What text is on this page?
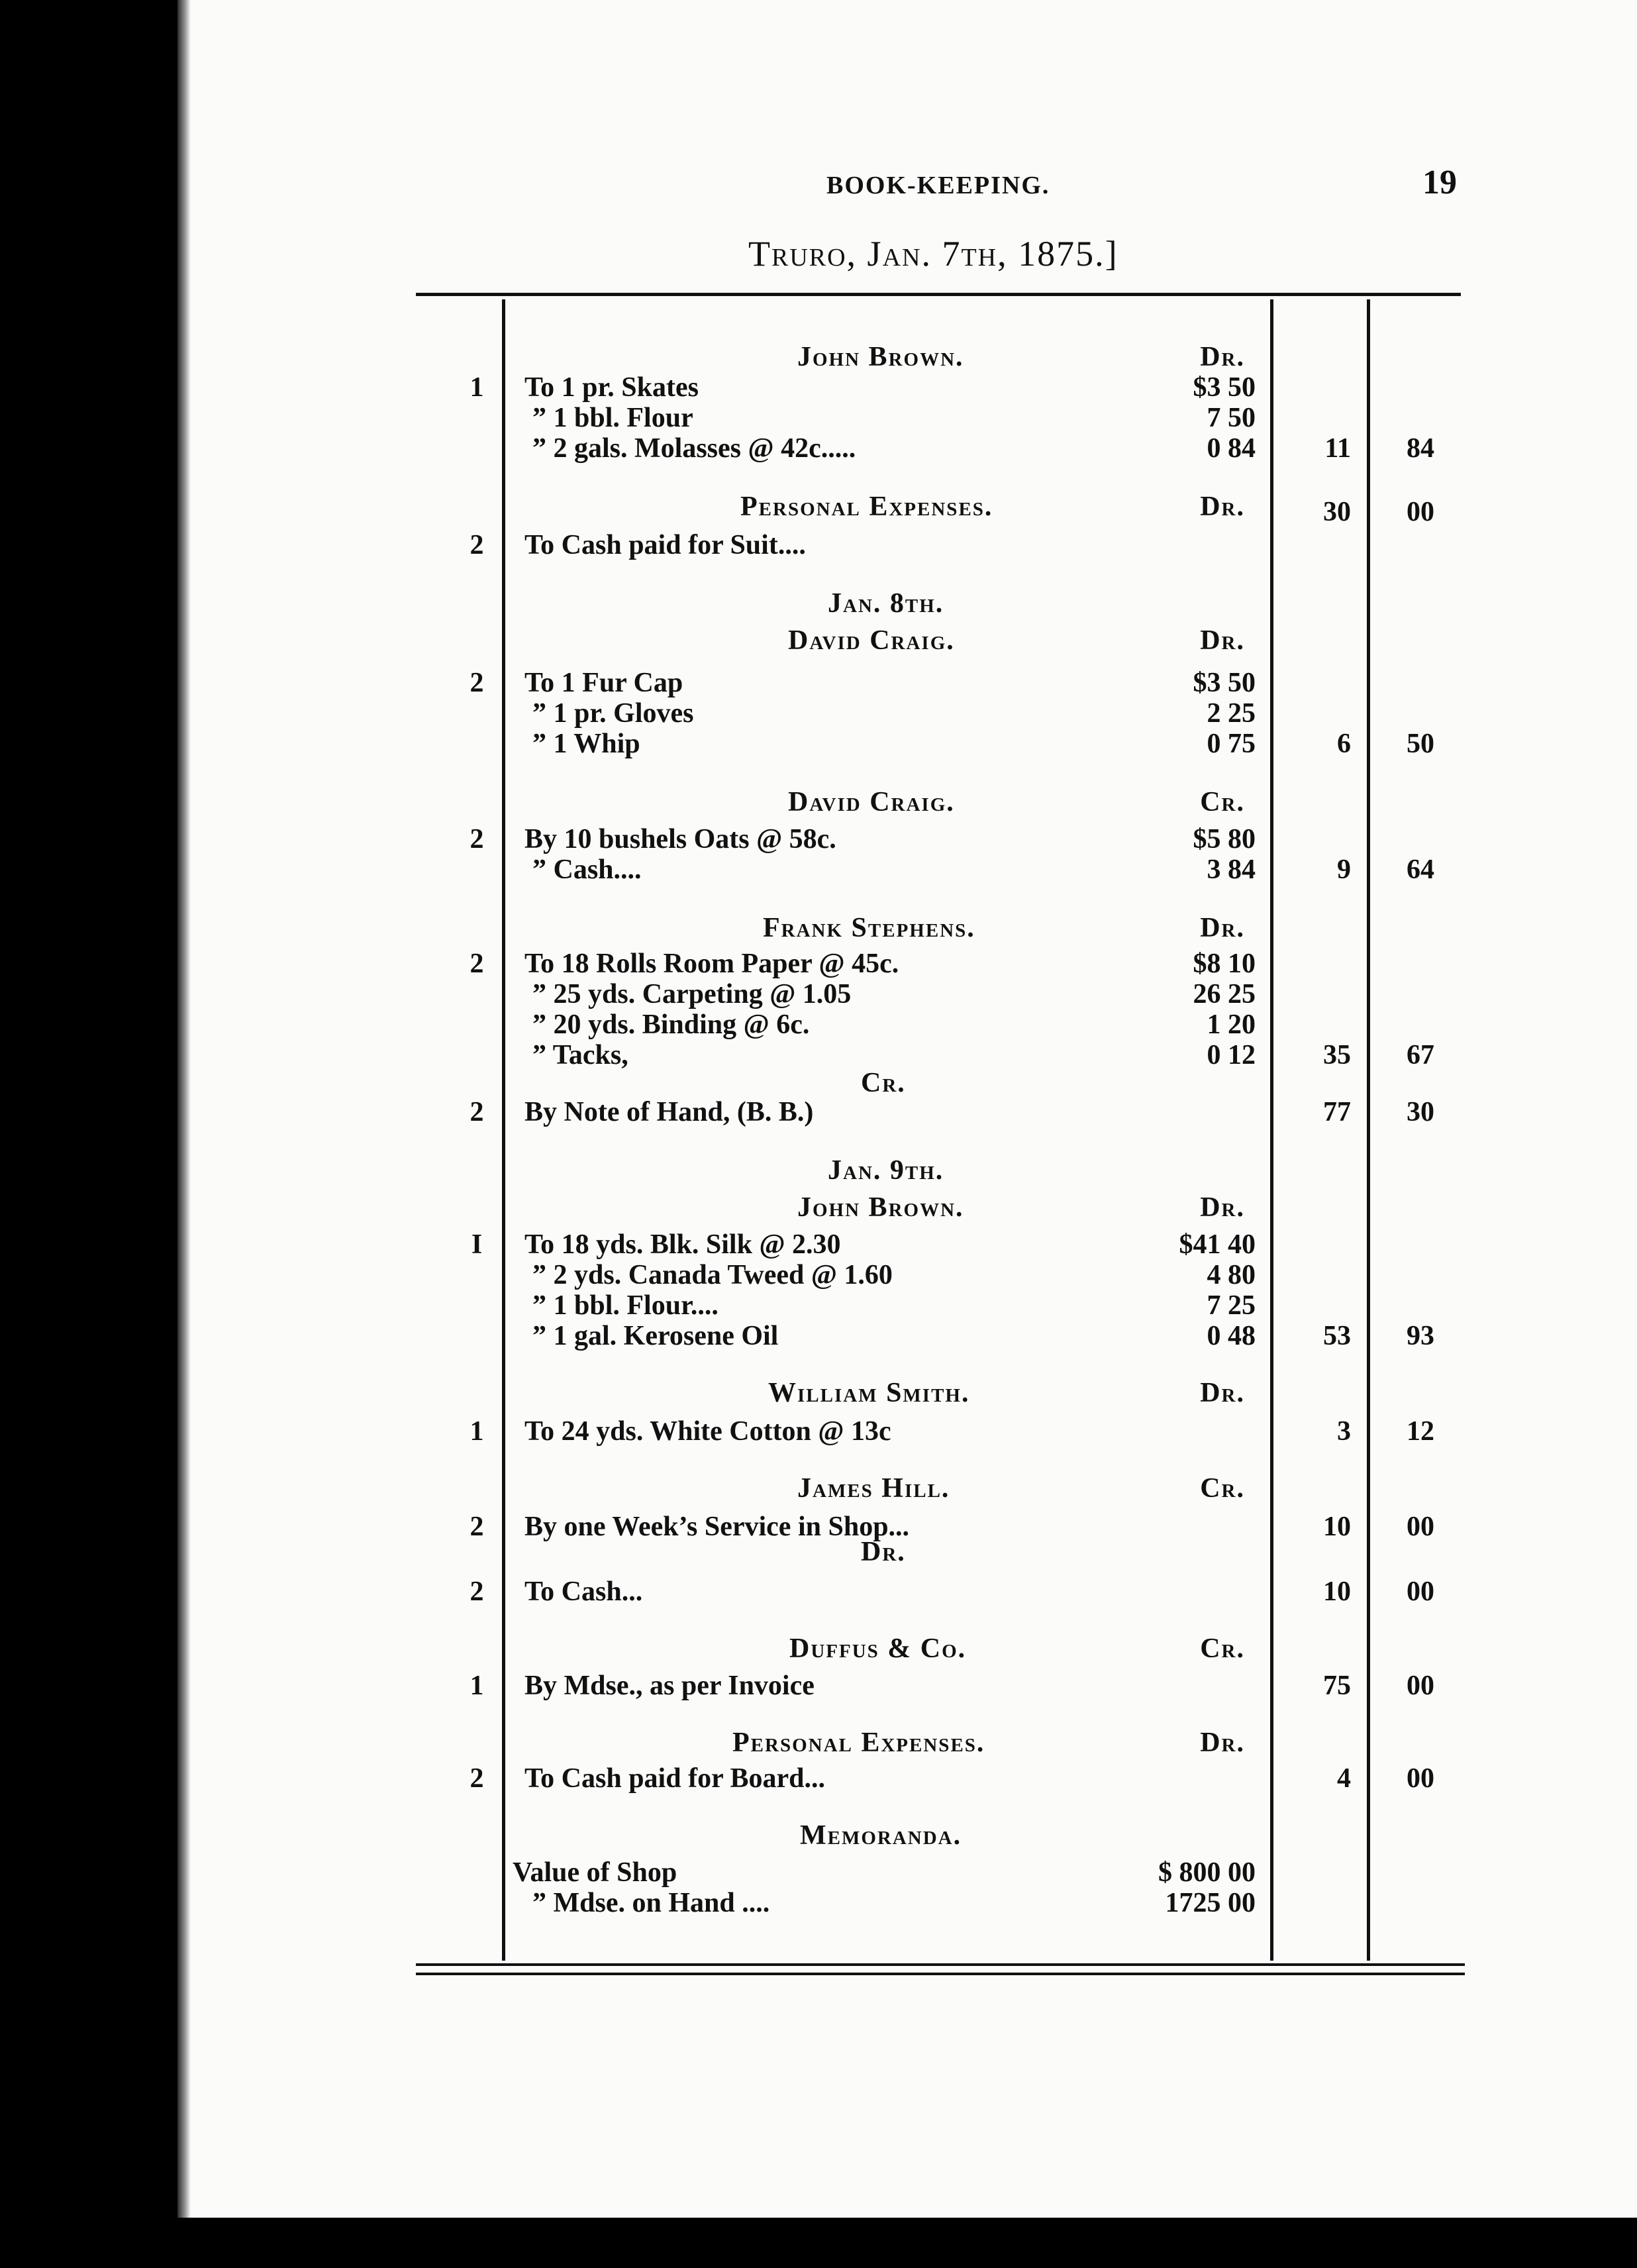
BOOK-KEEPING.	19
Truro, Jan. 7th, 1875.]
John Brown.	Dr.
1	To 1 pr. Skates	$3 50
” 1 bbl. Flour	7 50
” 2 gals. Molasses @ 42c.....	0 84	11	84
Personal Expenses.	Dr.	30	00
2	To Cash paid for Suit....
Jan. 8th.
David Craig.	Dr.
2	To 1 Fur Cap	$3 50
” 1 pr. Gloves	2 25
” 1 Whip	0 75	6	50
David Craig.	Cr.
2	By 10 bushels Oats @ 58c.	$5 80
” Cash....	3 84	9	64
Frank Stephens.	Dr.
2	To 18 Rolls Room Paper @ 45c.	$8 10
” 25 yds. Carpeting @ 1.05	26 25
” 20 yds. Binding @ 6c.	1 20
” Tacks,	0 12	35	67
Cr.
2	By Note of Hand, (B. B.)	77	30
Jan. 9th.
John Brown.	Dr.
I	To 18 yds. Blk. Silk @ 2.30	$41 40
” 2 yds. Canada Tweed @ 1.60	4 80
” 1 bbl. Flour....	7 25
” 1 gal. Kerosene Oil	0 48	53	93
William Smith.	Dr.
1	To 24 yds. White Cotton @ 13c	3	12
James Hill.	Cr.
2	By one Week’s Service in Shop...	10	00
Dr.
2	To Cash...	10	00
Duffus & Co.	Cr.
1	By Mdse., as per Invoice	75	00
Personal Expenses.	Dr.
2	To Cash paid for Board...	4	00
Memoranda.
Value of Shop	$ 800 00
” Mdse. on Hand ....	1725 00
